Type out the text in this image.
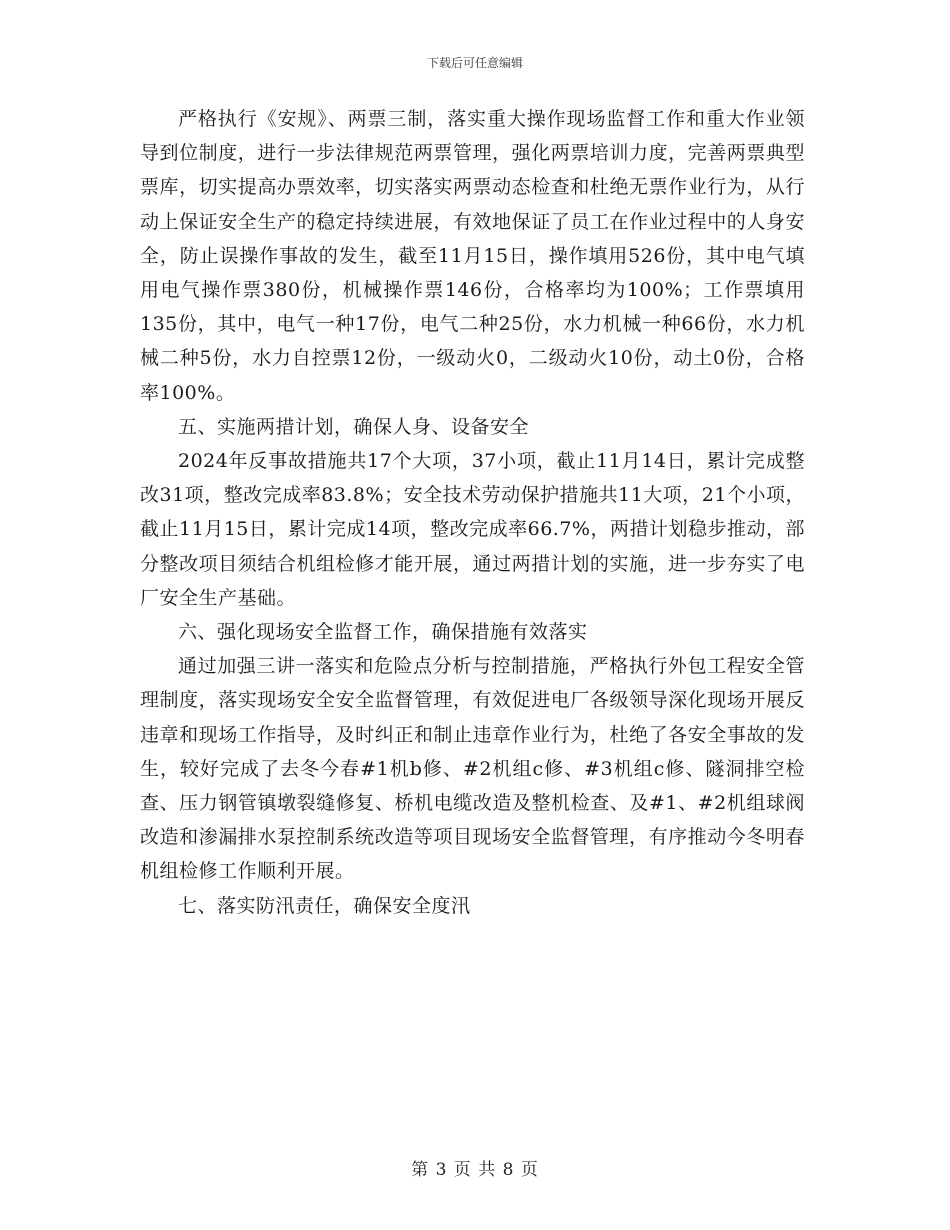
下载后可任意编辑

严格执行《安规》、两票三制，落实重大操作现场监督工作和重大作业领导到位制度，进行一步法律规范两票管理，强化两票培训力度，完善两票典型票库，切实提高办票效率，切实落实两票动态检查和杜绝无票作业行为，从行动上保证安全生产的稳定持续进展，有效地保证了员工在作业过程中的人身安全，防止误操作事故的发生，截至11月15日，操作填用526份，其中电气填用电气操作票380份，机械操作票146份，合格率均为100%；工作票填用135份，其中，电气一种17份，电气二种25份，水力机械一种66份，水力机械二种5份，水力自控票12份，一级动火0，二级动火10份，动土0份，合格率100%。

五、实施两措计划，确保人身、设备安全

2024年反事故措施共17个大项，37小项，截止11月14日，累计完成整改31项，整改完成率83.8%；安全技术劳动保护措施共11大项，21个小项，截止11月15日，累计完成14项，整改完成率66.7%，两措计划稳步推动，部分整改项目须结合机组检修才能开展，通过两措计划的实施，进一步夯实了电厂安全生产基础。

六、强化现场安全监督工作，确保措施有效落实

通过加强三讲一落实和危险点分析与控制措施，严格执行外包工程安全管理制度，落实现场安全安全监督管理，有效促进电厂各级领导深化现场开展反违章和现场工作指导，及时纠正和制止违章作业行为，杜绝了各安全事故的发生，较好完成了去冬今春#1机b修、#2机组c修、#3机组c修、隧洞排空检查、压力钢管镇墩裂缝修复、桥机电缆改造及整机检查、及#1、#2机组球阀改造和渗漏排水泵控制系统改造等项目现场安全监督管理，有序推动今冬明春机组检修工作顺利开展。

七、落实防汛责任，确保安全度汛

第 3 页 共 8 页
